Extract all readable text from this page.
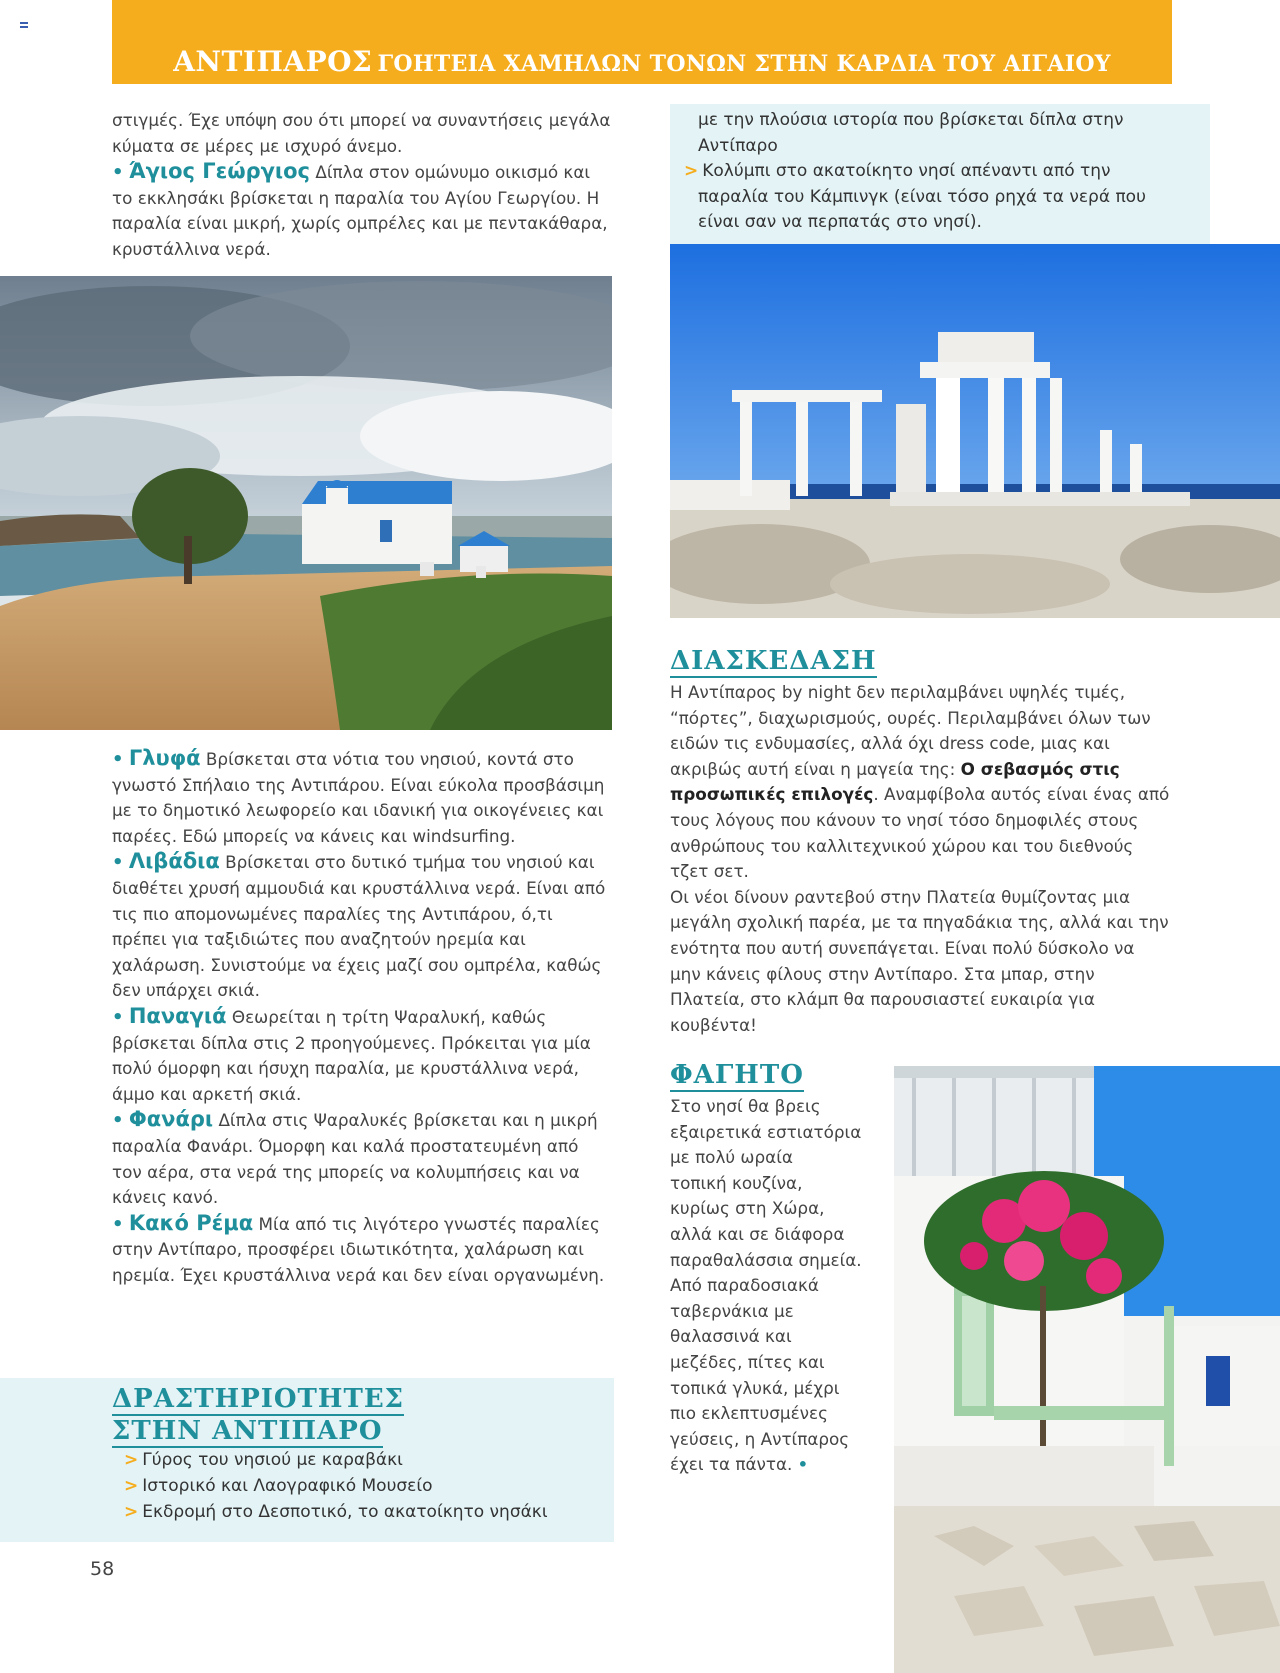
ΑΝΤΙΠΑΡΟΣ ΓΟΗΤΕΙΑ ΧΑΜΗΛΩΝ ΤΟΝΩΝ ΣΤΗΝ ΚΑΡΔΙΑ ΤΟΥ ΑΙΓΑΙΟΥ

στιγμές. Έχε υπόψη σου ότι μπορεί να συναντήσεις μεγάλα κύματα σε μέρες με ισχυρό άνεμο.

• Άγιος Γεώργιος Δίπλα στον ομώνυμο οικισμό και το εκκλησάκι βρίσκεται η παραλία του Αγίου Γεωργίου. Η παραλία είναι μικρή, χωρίς ομπρέλες και με πεντακάθαρα, κρυστάλλινα νερά.

• Γλυφά Βρίσκεται στα νότια του νησιού, κοντά στο γνωστό Σπήλαιο της Αντιπάρου. Είναι εύκολα προσβάσιμη με το δημοτικό λεωφορείο και ιδανική για οικογένειες και παρέες. Εδώ μπορείς να κάνεις και windsurfing.

• Λιβάδια Βρίσκεται στο δυτικό τμήμα του νησιού και διαθέτει χρυσή αμμουδιά και κρυστάλλινα νερά. Είναι από τις πιο απομονωμένες παραλίες της Αντιπάρου, ό,τι πρέπει για ταξιδιώτες που αναζητούν ηρεμία και χαλάρωση. Συνιστούμε να έχεις μαζί σου ομπρέλα, καθώς δεν υπάρχει σκιά.

• Παναγιά Θεωρείται η τρίτη Ψαραλυκή, καθώς βρίσκεται δίπλα στις 2 προηγούμενες. Πρόκειται για μία πολύ όμορφη και ήσυχη παραλία, με κρυστάλλινα νερά, άμμο και αρκετή σκιά.

• Φανάρι Δίπλα στις Ψαραλυκές βρίσκεται και η μικρή παραλία Φανάρι. Όμορφη και καλά προστατευμένη από τον αέρα, στα νερά της μπορείς να κολυμπήσεις και να κάνεις κανό.

• Κακό Ρέμα Μία από τις λιγότερο γνωστές παραλίες στην Αντίπαρο, προσφέρει ιδιωτικότητα, χαλάρωση και ηρεμία. Έχει κρυστάλλινα νερά και δεν είναι οργανωμένη.

ΔΡΑΣΤΗΡΙΟΤΗΤΕΣ
ΣΤΗΝ ΑΝΤΙΠΑΡΟ
> Γύρος του νησιού με καραβάκι
> Ιστορικό και Λαογραφικό Μουσείο
> Εκδρομή στο Δεσποτικό, το ακατοίκητο νησάκι
με την πλούσια ιστορία που βρίσκεται δίπλα στην
Αντίπαρο
> Κολύμπι στο ακατοίκητο νησί απέναντι από την παραλία του Κάμπινγκ (είναι τόσο ρηχά τα νερά που είναι σαν να περπατάς στο νησί).
ΔΙΑΣΚΕΔΑΣΗ

Η Αντίπαρος by night δεν περιλαμβάνει υψηλές τιμές, “πόρτες”, διαχωρισμούς, ουρές. Περιλαμβάνει όλων των ειδών τις ενδυμασίες, αλλά όχι dress code, μιας και ακριβώς αυτή είναι η μαγεία της: Ο σεβασμός στις προσωπικές επιλογές. Αναμφίβολα αυτός είναι ένας από τους λόγους που κάνουν το νησί τόσο δημοφιλές στους ανθρώπους του καλλιτεχνικού χώρου και του διεθνούς τζετ σετ.

Οι νέοι δίνουν ραντεβού στην Πλατεία θυμίζοντας μια μεγάλη σχολική παρέα, με τα πηγαδάκια της, αλλά και την ενότητα που αυτή συνεπάγεται. Είναι πολύ δύσκολο να μην κάνεις φίλους στην Αντίπαρο. Στα μπαρ, στην Πλατεία, στο κλάμπ θα παρουσιαστεί ευκαιρία για κουβέντα!

ΦΑΓΗΤΟ
Στο νησί θα βρεις
εξαιρετικά εστιατόρια
με πολύ ωραία
τοπική κουζίνα,
κυρίως στη Χώρα,
αλλά και σε διάφορα
παραθαλάσσια σημεία.
Από παραδοσιακά
ταβερνάκια με
θαλασσινά και
μεζέδες, πίτες και
τοπικά γλυκά, μέχρι
πιο εκλεπτυσμένες
γεύσεις, η Αντίπαρος
έχει τα πάντα. •
58
